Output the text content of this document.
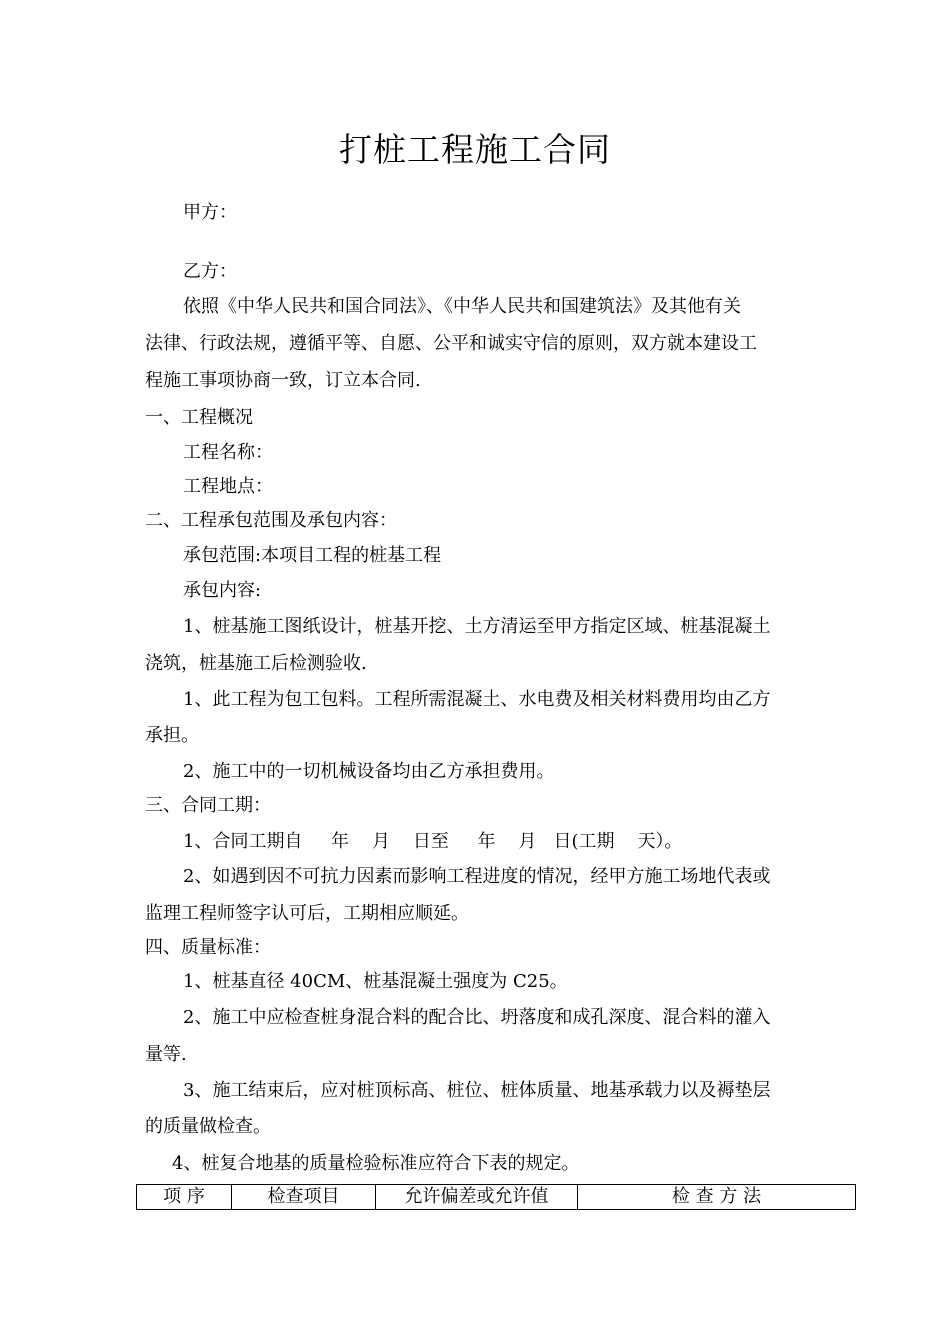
打桩工程施工合同
甲方：
乙方：
依照《中华人民共和国合同法》、《中华人民共和国建筑法》及其他有关
法律、行政法规，遵循平等、自愿、公平和诚实守信的原则，双方就本建设工
程施工事项协商一致，订立本合同.
一、工程概况
工程名称：
工程地点：
二、工程承包范围及承包内容：
承包范围:本项目工程的桩基工程
承包内容:
1、桩基施工图纸设计，桩基开挖、土方清运至甲方指定区域、桩基混凝土
浇筑，桩基施工后检测验收.
1、此工程为包工包料。工程所需混凝土、水电费及相关材料费用均由乙方
承担。
2、施工中的一切机械设备均由乙方承担费用。
三、合同工期：
1、合同工期自     年    月    日至     年    月   日(工期    天）。
2、如遇到因不可抗力因素而影响工程进度的情况，经甲方施工场地代表或
监理工程师签字认可后，工期相应顺延。
四、质量标准：
1、桩基直径 40CM、桩基混凝土强度为 C25。
2、施工中应检查桩身混合料的配合比、坍落度和成孔深度、混合料的灌入
量等.
3、施工结束后，应对桩顶标高、桩位、桩体质量、地基承载力以及褥垫层
的质量做检查。
4、桩复合地基的质量检验标准应符合下表的规定。
项 序	检查项目	允许偏差或允许值	检 查 方 法
